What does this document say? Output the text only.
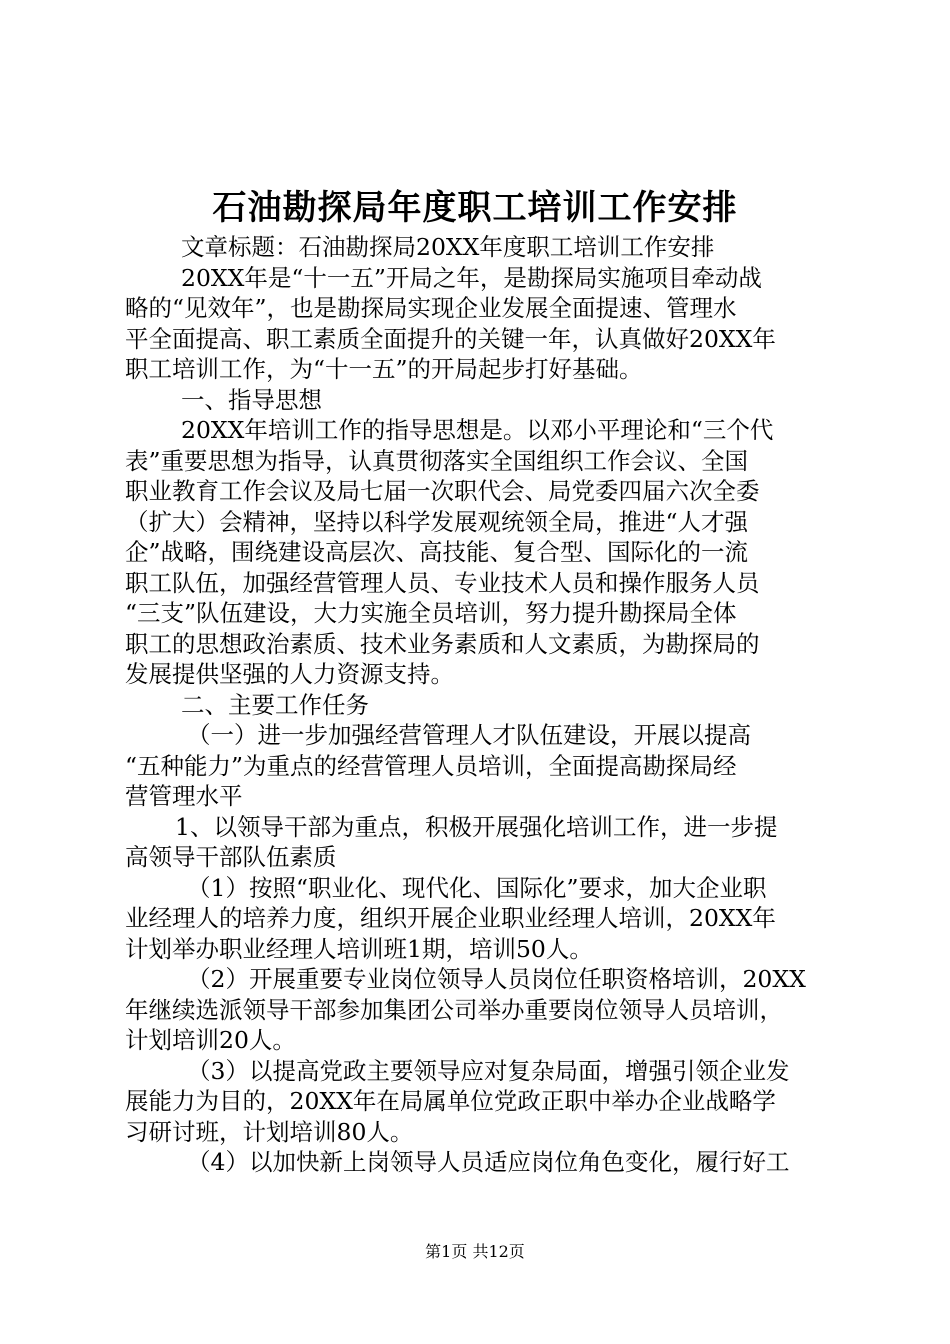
石油勘探局年度职工培训工作安排
文章标题：石油勘探局20XX年度职工培训工作安排
20XX年是“十一五”开局之年，是勘探局实施项目牵动战
略的“见效年”，也是勘探局实现企业发展全面提速、管理水
平全面提高、职工素质全面提升的关键一年，认真做好20XX年
职工培训工作，为“十一五”的开局起步打好基础。
一、指导思想
20XX年培训工作的指导思想是。以邓小平理论和“三个代
表”重要思想为指导，认真贯彻落实全国组织工作会议、全国
职业教育工作会议及局七届一次职代会、局党委四届六次全委
（扩大）会精神，坚持以科学发展观统领全局，推进“人才强
企”战略，围绕建设高层次、高技能、复合型、国际化的一流
职工队伍，加强经营管理人员、专业技术人员和操作服务人员
“三支”队伍建设，大力实施全员培训，努力提升勘探局全体
职工的思想政治素质、技术业务素质和人文素质，为勘探局的
发展提供坚强的人力资源支持。
二、主要工作任务
（一）进一步加强经营管理人才队伍建设，开展以提高
“五种能力”为重点的经营管理人员培训，全面提高勘探局经
营管理水平
1、以领导干部为重点，积极开展强化培训工作，进一步提
高领导干部队伍素质
（1）按照“职业化、现代化、国际化”要求，加大企业职
业经理人的培养力度，组织开展企业职业经理人培训，20XX年
计划举办职业经理人培训班1期，培训50人。
（2）开展重要专业岗位领导人员岗位任职资格培训，20XX
年继续选派领导干部参加集团公司举办重要岗位领导人员培训，
计划培训20人。
（3）以提高党政主要领导应对复杂局面，增强引领企业发
展能力为目的，20XX年在局属单位党政正职中举办企业战略学
习研讨班，计划培训80人。
（4）以加快新上岗领导人员适应岗位角色变化，履行好工
第1页 共12页
